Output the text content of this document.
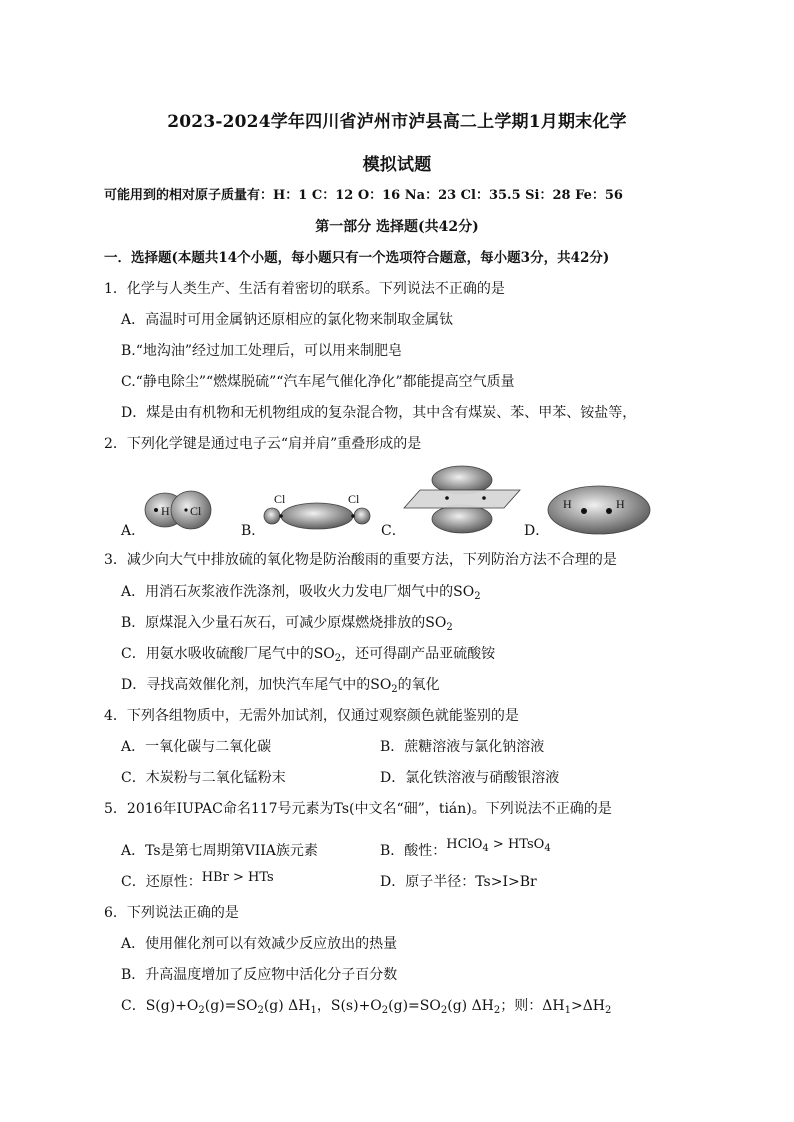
2023-2024学年四川省泸州市泸县高二上学期1月期末化学
模拟试题
可能用到的相对原子质量有：H：1 C：12 O：16 Na：23 Cl：35.5 Si：28 Fe：56
第一部分 选择题(共42分)
一．选择题(本题共14个小题，每小题只有一个选项符合题意，每小题3分，共42分)
1．化学与人类生产、生活有着密切的联系。下列说法不正确的是
A．高温时可用金属钠还原相应的氯化物来制取金属钛
B.“地沟油”经过加工处理后，可以用来制肥皂
C.“静电除尘”“燃煤脱硫”“汽车尾气催化净化”都能提高空气质量
D．煤是由有机物和无机物组成的复杂混合物，其中含有煤炭、苯、甲苯、铵盐等，
2．下列化学键是通过电子云“肩并肩”重叠形成的是
A．
H Cl
B．
Cl	Cl
C．	D．
H	H
3．减少向大气中排放硫的氧化物是防治酸雨的重要方法，下列防治方法不合理的是
A．用消石灰浆液作洗涤剂，吸收火力发电厂烟气中的$SO_2$
B．原煤混入少量石灰石，可减少原煤燃烧排放的$SO_2$
C．用氨水吸收硫酸厂尾气中的$SO_2$，还可得副产品亚硫酸铵
D．寻找高效催化剂，加快汽车尾气中的$SO_2$的氧化
4．下列各组物质中，无需外加试剂，仅通过观察颜色就能鉴别的是
A．一氧化碳与二氧化碳	B．蔗糖溶液与氯化钠溶液
C．木炭粉与二氧化锰粉末	D．氯化铁溶液与硝酸银溶液
5．2016年IUPAC命名117号元素为Ts(中文名“鿬”，tián)。下列说法不正确的是
A．Ts是第七周期第VIIA族元素	B．酸性：HClO$_4$ > HTsO$_4$
C．还原性：HBr > HTs	D．原子半径：Ts>I>Br
6．下列说法正确的是
A．使用催化剂可以有效减少反应放出的热量
B．升高温度增加了反应物中活化分子百分数
C．$S(g)+O_2(g)=SO_2(g)$ $\Delta H_1$，$S(s)+O_2(g)=SO_2(g)$ $\Delta H_2$；则：$\Delta H_1>\Delta H_2$
